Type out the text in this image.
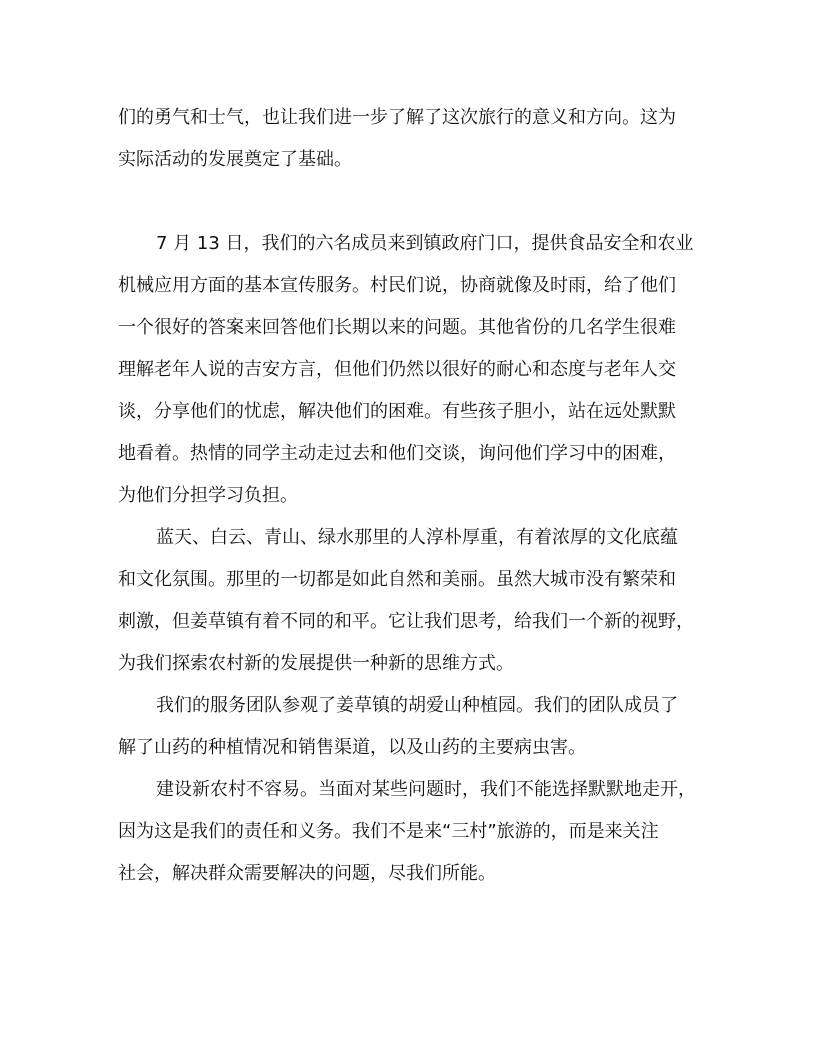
们的勇气和士气，也让我们进一步了解了这次旅行的意义和方向。这为

实际活动的发展奠定了基础。

7 月 13 日，我们的六名成员来到镇政府门口，提供食品安全和农业

机械应用方面的基本宣传服务。村民们说，协商就像及时雨，给了他们

一个很好的答案来回答他们长期以来的问题。其他省份的几名学生很难

理解老年人说的吉安方言，但他们仍然以很好的耐心和态度与老年人交

谈，分享他们的忧虑，解决他们的困难。有些孩子胆小，站在远处默默

地看着。热情的同学主动走过去和他们交谈，询问他们学习中的困难，

为他们分担学习负担。

蓝天、白云、青山、绿水那里的人淳朴厚重，有着浓厚的文化底蕴

和文化氛围。那里的一切都是如此自然和美丽。虽然大城市没有繁荣和

刺激，但姜草镇有着不同的和平。它让我们思考，给我们一个新的视野，

为我们探索农村新的发展提供一种新的思维方式。

我们的服务团队参观了姜草镇的胡爱山种植园。我们的团队成员了

解了山药的种植情况和销售渠道，以及山药的主要病虫害。

建设新农村不容易。当面对某些问题时，我们不能选择默默地走开，

因为这是我们的责任和义务。我们不是来“三村”旅游的，而是来关注

社会，解决群众需要解决的问题，尽我们所能。
